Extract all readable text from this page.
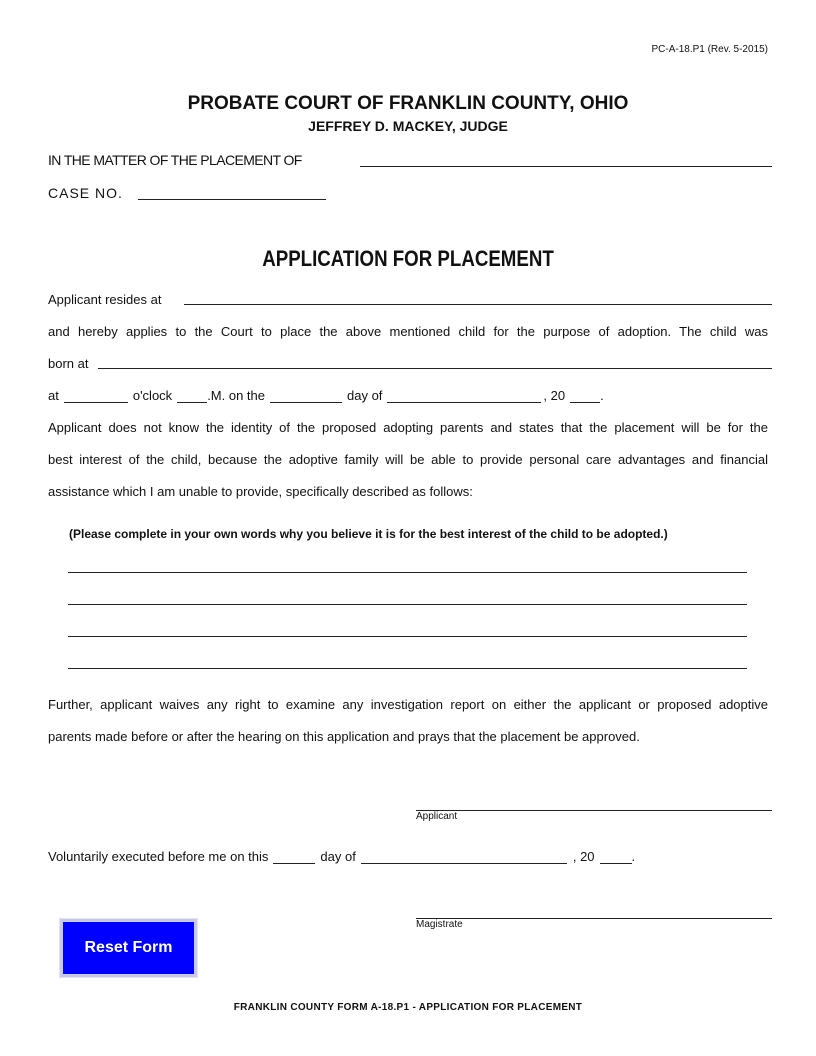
PC-A-18.P1 (Rev. 5-2015)
PROBATE COURT OF FRANKLIN COUNTY, OHIO
JEFFREY D. MACKEY, JUDGE
IN THE MATTER OF THE PLACEMENT OF
CASE NO.
APPLICATION FOR PLACEMENT
Applicant resides at
and hereby applies to the Court to place the above mentioned child for the purpose of adoption. The child was
born at
at	o'clock	.M. on the	day of	, 20	.
Applicant does not know the identity of the proposed adopting parents and states that the placement will be for the
best interest of the child, because the adoptive family will be able to provide personal care advantages and financial
assistance which I am unable to provide, specifically described as follows:
(Please complete in your own words why you believe it is for the best interest of the child to be adopted.)
Further, applicant waives any right to examine any investigation report on either the applicant or proposed adoptive
parents made before or after the hearing on this application and prays that the placement be approved.
Applicant
Voluntarily executed before me on this	day of	, 20	.
Magistrate
Reset Form
FRANKLIN COUNTY FORM A-18.P1 - APPLICATION FOR PLACEMENT
